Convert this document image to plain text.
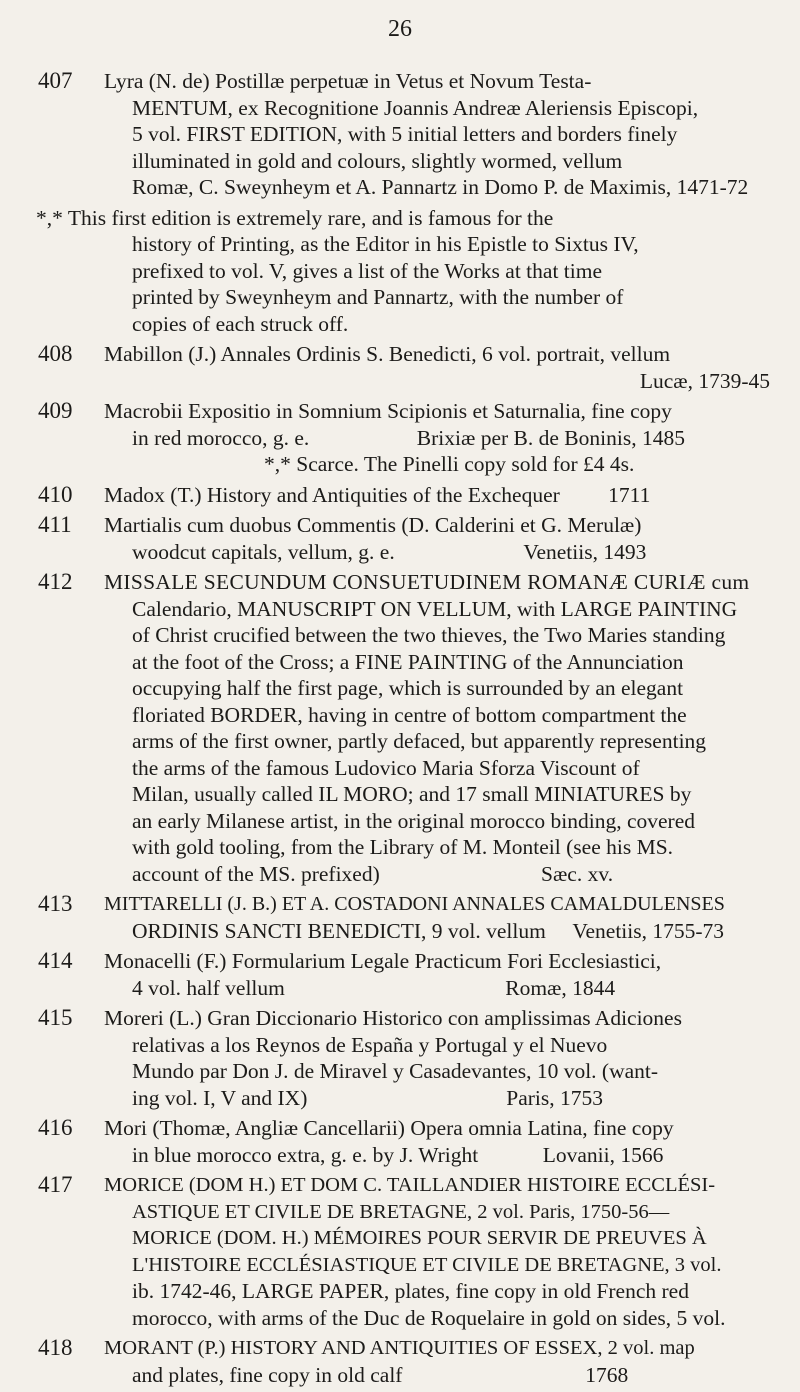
26
407 Lyra (N. de) Postillæ perpetuæ in Vetus et Novum Testa-
MENTUM, ex Recognitione Joannis Andreæ Aleriensis Episcopi,
5 vol. FIRST EDITION, with 5 initial letters and borders finely
illuminated in gold and colours, slightly wormed, vellum
Romæ, C. Sweynheym et A. Pannartz in Domo P. de Maximis, 1471-72
*,* This first edition is extremely rare, and is famous for the
history of Printing, as the Editor in his Epistle to Sixtus IV,
prefixed to vol. V, gives a list of the Works at that time
printed by Sweynheym and Pannartz, with the number of
copies of each struck off.
408 Mabillon (J.) Annales Ordinis S. Benedicti, 6 vol. portrait, vellum
Lucæ, 1739-45
409 Macrobii Expositio in Somnium Scipionis et Saturnalia, fine copy
in red morocco, g. e.                    Brixiæ per B. de Boninis, 1485
*,* Scarce. The Pinelli copy sold for £4 4s.
410 Madox (T.) History and Antiquities of the Exchequer         1711
411 Martialis cum duobus Commentis (D. Calderini et G. Merulæ)
woodcut capitals, vellum, g. e.                        Venetiis, 1493
412 MISSALE SECUNDUM CONSUETUDINEM ROMANÆ CURIÆ cum
Calendario, MANUSCRIPT ON VELLUM, with LARGE PAINTING
of Christ crucified between the two thieves, the Two Maries standing
at the foot of the Cross; a FINE PAINTING of the Annunciation
occupying half the first page, which is surrounded by an elegant
floriated BORDER, having in centre of bottom compartment the
arms of the first owner, partly defaced, but apparently representing
the arms of the famous Ludovico Maria Sforza Viscount of
Milan, usually called IL MORO; and 17 small MINIATURES by
an early Milanese artist, in the original morocco binding, covered
with gold tooling, from the Library of M. Monteil (see his MS.
account of the MS. prefixed)                              Sæc. xv.
413 MITTARELLI (J. B.) ET A. COSTADONI ANNALES CAMALDULENSES
ORDINIS SANCTI BENEDICTI, 9 vol. vellum     Venetiis, 1755-73
414 Monacelli (F.) Formularium Legale Practicum Fori Ecclesiastici,
4 vol. half vellum                                         Romæ, 1844
415 Moreri (L.) Gran Diccionario Historico con amplissimas Adiciones
relativas a los Reynos de España y Portugal y el Nuevo
Mundo par Don J. de Miravel y Casadevantes, 10 vol. (want-
ing vol. I, V and IX)                                     Paris, 1753
416 Mori (Thomæ, Angliæ Cancellarii) Opera omnia Latina, fine copy
in blue morocco extra, g. e. by J. Wright            Lovanii, 1566
417 MORICE (DOM H.) ET DOM C. TAILLANDIER HISTOIRE ECCLÉSI-
ASTIQUE ET CIVILE DE BRETAGNE, 2 vol. Paris, 1750-56—
MORICE (DOM. H.) MÉMOIRES POUR SERVIR DE PREUVES À
L'HISTOIRE ECCLÉSIASTIQUE ET CIVILE DE BRETAGNE, 3 vol.
ib. 1742-46, LARGE PAPER, plates, fine copy in old French red
morocco, with arms of the Duc de Roquelaire in gold on sides, 5 vol.
418 MORANT (P.) HISTORY AND ANTIQUITIES OF ESSEX, 2 vol. map
and plates, fine copy in old calf                                  1768
